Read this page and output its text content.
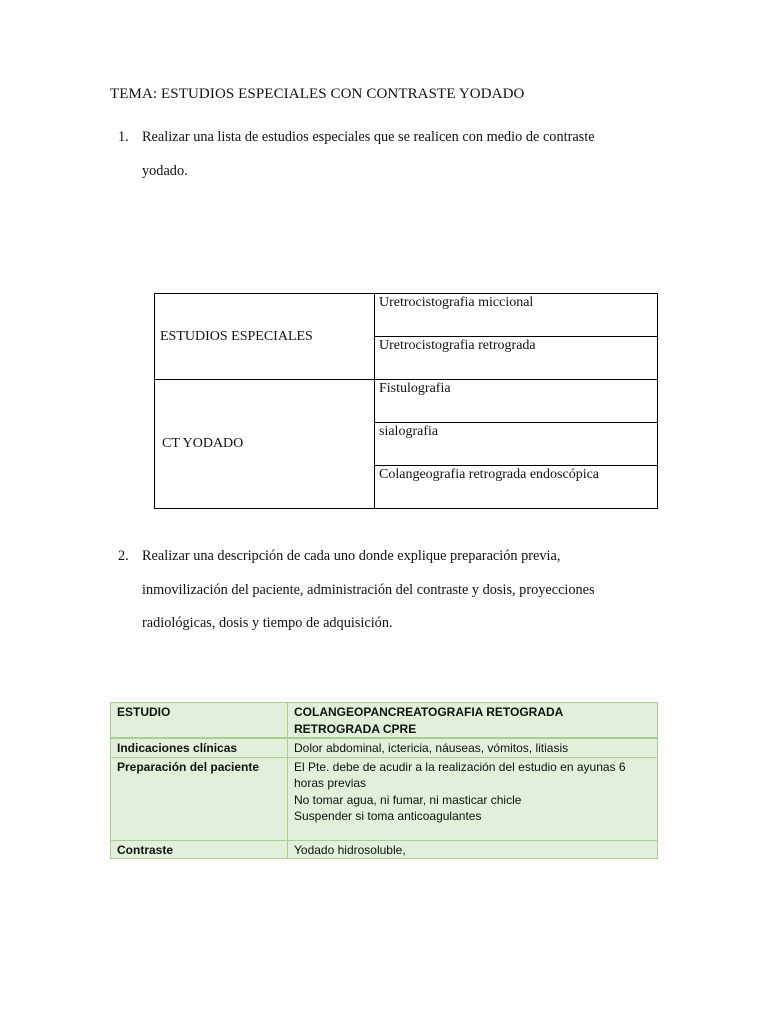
TEMA: ESTUDIOS ESPECIALES CON CONTRASTE YODADO
1. Realizar una lista de estudios especiales que se realicen con medio de contraste yodado.
ESTUDIOS ESPECIALES	Uretrocistografia miccional
	Uretrocistografia retrograda
CT YODADO	Fistulografia
	sialografia
	Colangeografia retrograda endoscópica
2. Realizar una descripción de cada uno donde explique preparación previa, inmovilización del paciente, administración del contraste y dosis, proyecciones radiológicas, dosis y tiempo de adquisición.
ESTUDIO	COLANGEOPANCREATOGRAFIA RETOGRADA RETROGRADA CPRE
Indicaciones clínicas	Dolor abdominal, ictericia, náuseas, vómitos, litiasis

Preparación del paciente	El Pte. debe de acudir a la realización del estudio en ayunas 6 horas previas
No tomar agua, ni fumar, ni masticar chicle
Suspender si toma anticoagulantes

Contraste	Yodado hidrosoluble,
